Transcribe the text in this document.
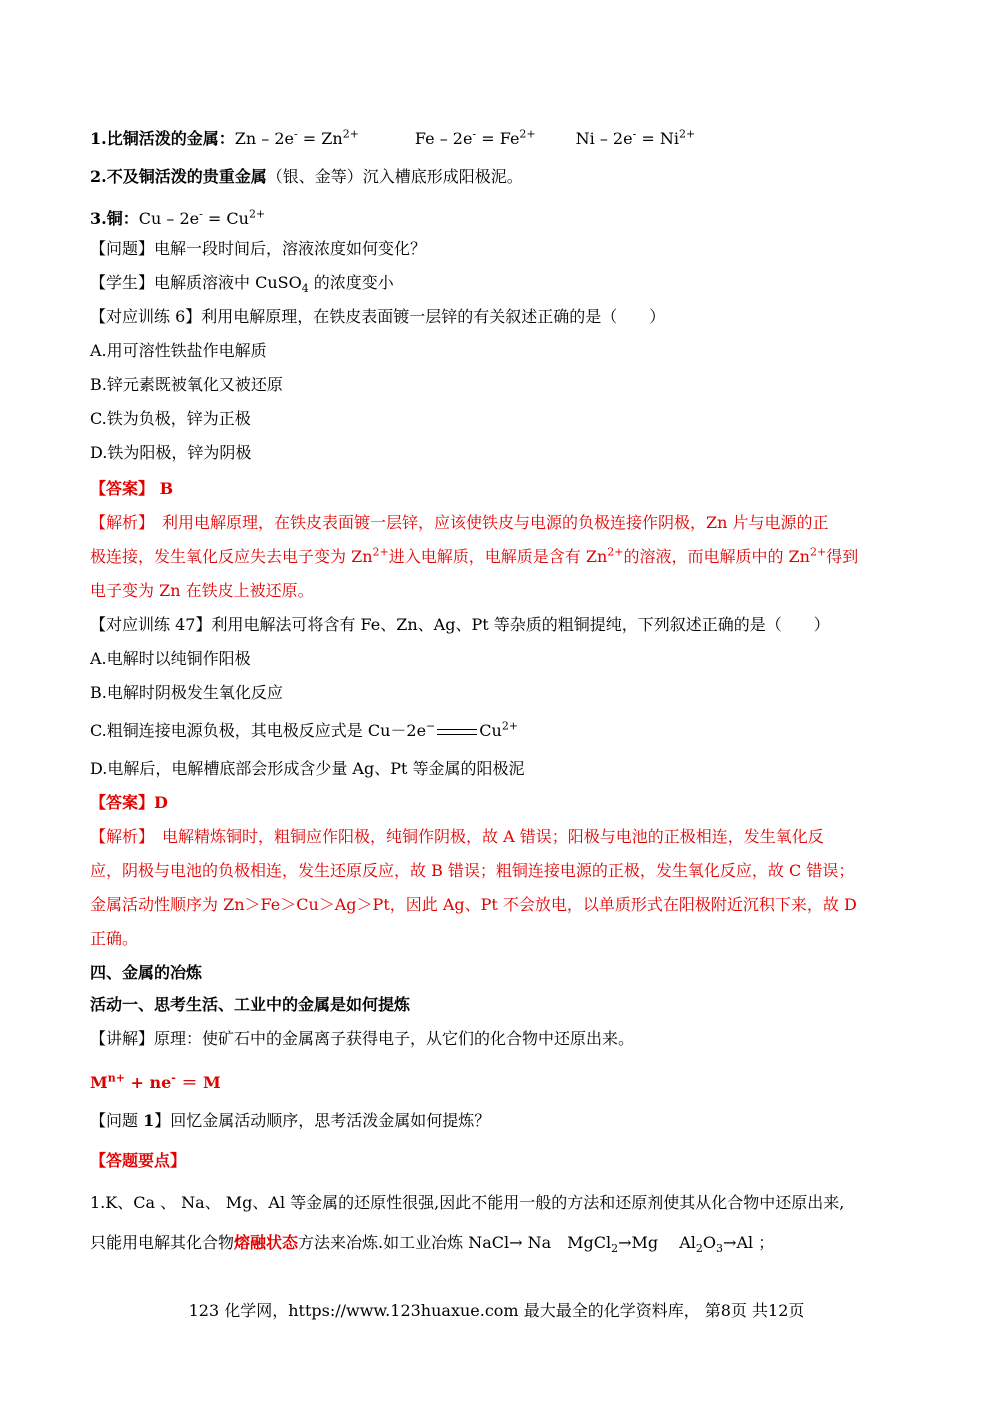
1.比铜活泼的金属：$Zn - 2e^- = Zn^{2+}$	$Fe - 2e^- = Fe^{2+}$	$Ni - 2e^- = Ni^{2+}$
2.不及铜活泼的贵重金属（银、金等）沉入槽底形成阳极泥。
3.铜：$Cu - 2e^- = Cu^{2+}$
【问题】电解一段时间后，溶液浓度如何变化？
【学生】电解质溶液中 CuSO$_4$ 的浓度变小
【对应训练 6】利用电解原理，在铁皮表面镀一层锌的有关叙述正确的是（　　）
A.用可溶性铁盐作电解质
B.锌元素既被氧化又被还原
C.铁为负极，锌为正极
D.铁为阳极，锌为阴极
【答案】 B
【解析】　利用电解原理，在铁皮表面镀一层锌，应该使铁皮与电源的负极连接作阴极，Zn 片与电源的正
极连接，发生氧化反应失去电子变为 $Zn^{2+}$进入电解质，电解质是含有 $Zn^{2+}$的溶液，而电解质中的 $Zn^{2+}$得到
电子变为 Zn 在铁皮上被还原。
【对应训练 47】利用电解法可将含有 Fe、Zn、Ag、Pt 等杂质的粗铜提纯，下列叙述正确的是（　　）
A.电解时以纯铜作阳极
B.电解时阴极发生氧化反应
C.粗铜连接电源负极，其电极反应式是 Cu－2e−	$Cu^{2+}$
D.电解后，电解槽底部会形成含少量 Ag、Pt 等金属的阳极泥
【答案】D
【解析】　电解精炼铜时，粗铜应作阳极，纯铜作阴极，故 A 错误；阳极与电池的正极相连，发生氧化反
应，阴极与电池的负极相连，发生还原反应，故 B 错误；粗铜连接电源的正极，发生氧化反应，故 C 错误；
金属活动性顺序为 Zn＞Fe＞Cu＞Ag＞Pt，因此 Ag、Pt 不会放电，以单质形式在阳极附近沉积下来，故 D
正确。
四、金属的冶炼
活动一、思考生活、工业中的金属是如何提炼
【讲解】原理：使矿石中的金属离子获得电子，从它们的化合物中还原出来。
$M^{n+} + ne^- = M$
【问题 1】回忆金属活动顺序，思考活泼金属如何提炼？
【答题要点】
1.K、Ca 、 Na、 Mg、Al 等金属的还原性很强,因此不能用一般的方法和还原剂使其从化合物中还原出来,
只能用电解其化合物熔融状态方法来冶炼.如工业冶炼 NaCl→ Na　MgCl$_2$→Mg　 $Al_2O_3\to Al$ ；
123 化学网，https://www.123huaxue.com 最大最全的化学资料库， 第8页 共12页
